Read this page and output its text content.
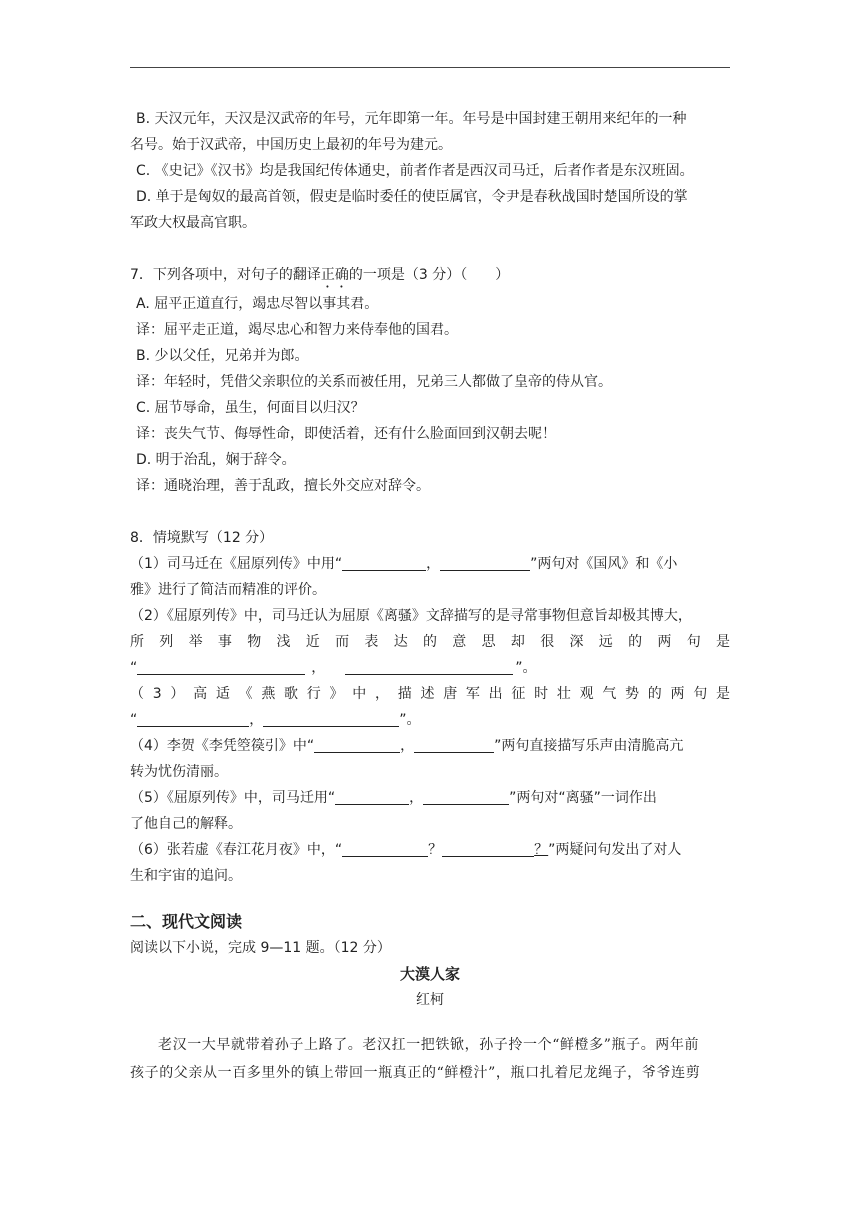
B. 天汉元年，天汉是汉武帝的年号，元年即第一年。年号是中国封建王朝用来纪年的一种

名号。始于汉武帝，中国历史上最初的年号为建元。

C. 《史记》《汉书》均是我国纪传体通史，前者作者是西汉司马迁，后者作者是东汉班固。

D. 单于是匈奴的最高首领，假吏是临时委任的使臣属官，令尹是春秋战国时楚国所设的掌

军政大权最高官职。

7．下列各项中，对句子的翻译正确的一项是（3 分）（　　）

A. 屈平正道直行，竭忠尽智以事其君。

译：屈平走正道，竭尽忠心和智力来侍奉他的国君。

B. 少以父任，兄弟并为郎。

译：年轻时，凭借父亲职位的关系而被任用，兄弟三人都做了皇帝的侍从官。

C. 屈节辱命，虽生，何面目以归汉？

译：丧失气节、侮辱性命，即使活着，还有什么脸面回到汉朝去呢！

D. 明于治乱，娴于辞令。

译：通晓治理，善于乱政，擅长外交应对辞令。

8．情境默写（12 分）

（1）司马迁在《屈原列传》中用“	，	”两句对《国风》和《小

雅》进行了简洁而精准的评价。

（2）《屈原列传》中，司马迁认为屈原《离骚》文辞描写的是寻常事物但意旨却极其博大，

所列举事物浅近而表达的意思却很深远的两句是

“	，	”。

（3）高适《燕歌行》中，描述唐军出征时壮观气势的两句是

“	，	”。

（4）李贺《李凭箜篌引》中“	，	”两句直接描写乐声由清脆高亢

转为忧伤清丽。

（5）《屈原列传》中，司马迁用“	，	”两句对“离骚”一词作出

了他自己的解释。

（6）张若虚《春江花月夜》中，“	？	？”两疑问句发出了对人

生和宇宙的追问。

二、现代文阅读

阅读以下小说，完成 9—11 题。（12 分）

大漠人家

红柯

老汉一大早就带着孙子上路了。老汉扛一把铁锨，孙子拎一个“鲜橙多”瓶子。两年前

孩子的父亲从一百多里外的镇上带回一瓶真正的“鲜橙汁”，瓶口扎着尼龙绳子，爷爷连剪
